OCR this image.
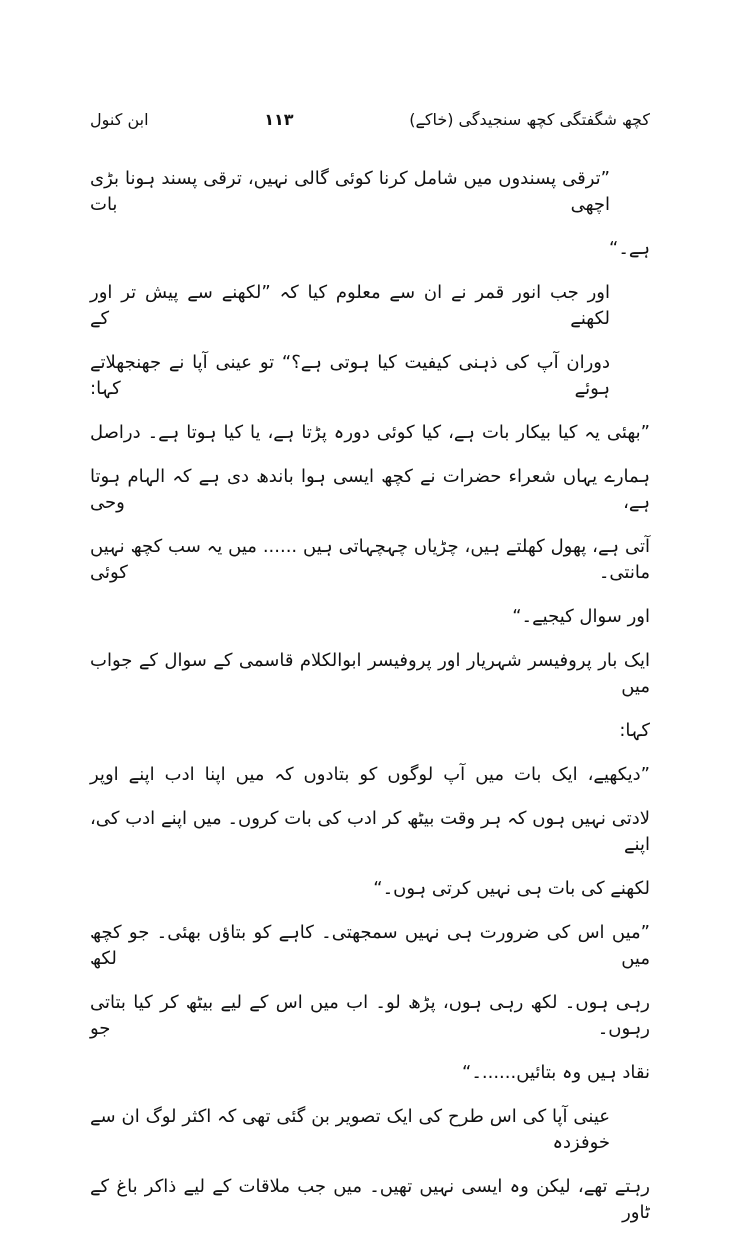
کچھ شگفتگی کچھ سنجیدگی (خاکے)
۱۱۳
ابن کنول
”ترقی پسندوں میں شامل کرنا کوئی گالی نہیں، ترقی پسند ہونا بڑی اچھی بات
ہے۔“
اور جب انور قمر نے ان سے معلوم کیا کہ ”لکھنے سے پیش تر اور لکھنے کے
دوران آپ کی ذہنی کیفیت کیا ہوتی ہے؟“ تو عینی آپا نے جھنجھلاتے ہوئے کہا:
”بھئی یہ کیا بیکار بات ہے، کیا کوئی دورہ پڑتا ہے، یا کیا ہوتا ہے۔ دراصل
ہمارے یہاں شعراء حضرات نے کچھ ایسی ہوا باندھ دی ہے کہ الہام ہوتا ہے، وحی
آتی ہے، پھول کھلتے ہیں، چڑیاں چہچہاتی ہیں ...... میں یہ سب کچھ نہیں مانتی۔ کوئی
اور سوال کیجیے۔“
ایک بار پروفیسر شہریار اور پروفیسر ابوالکلام قاسمی کے سوال کے جواب میں
کہا:
”دیکھیے، ایک بات میں آپ لوگوں کو بتادوں کہ میں اپنا ادب اپنے اوپر
لادتی نہیں ہوں کہ ہر وقت بیٹھ کر ادب کی بات کروں۔ میں اپنے ادب کی، اپنے
لکھنے کی بات ہی نہیں کرتی ہوں۔“
”میں اس کی ضرورت ہی نہیں سمجھتی۔ کاہے کو بتاؤں بھئی۔ جو کچھ میں لکھ
رہی ہوں۔ لکھ رہی ہوں، پڑھ لو۔ اب میں اس کے لیے بیٹھ کر کیا بتاتی رہوں۔ جو
نقاد ہیں وہ بتائیں......۔“
عینی آپا کی اس طرح کی ایک تصویر بن گئی تھی کہ اکثر لوگ ان سے خوفزدہ
رہتے تھے، لیکن وہ ایسی نہیں تھیں۔ میں جب ملاقات کے لیے ذاکر باغ کے ٹاور
